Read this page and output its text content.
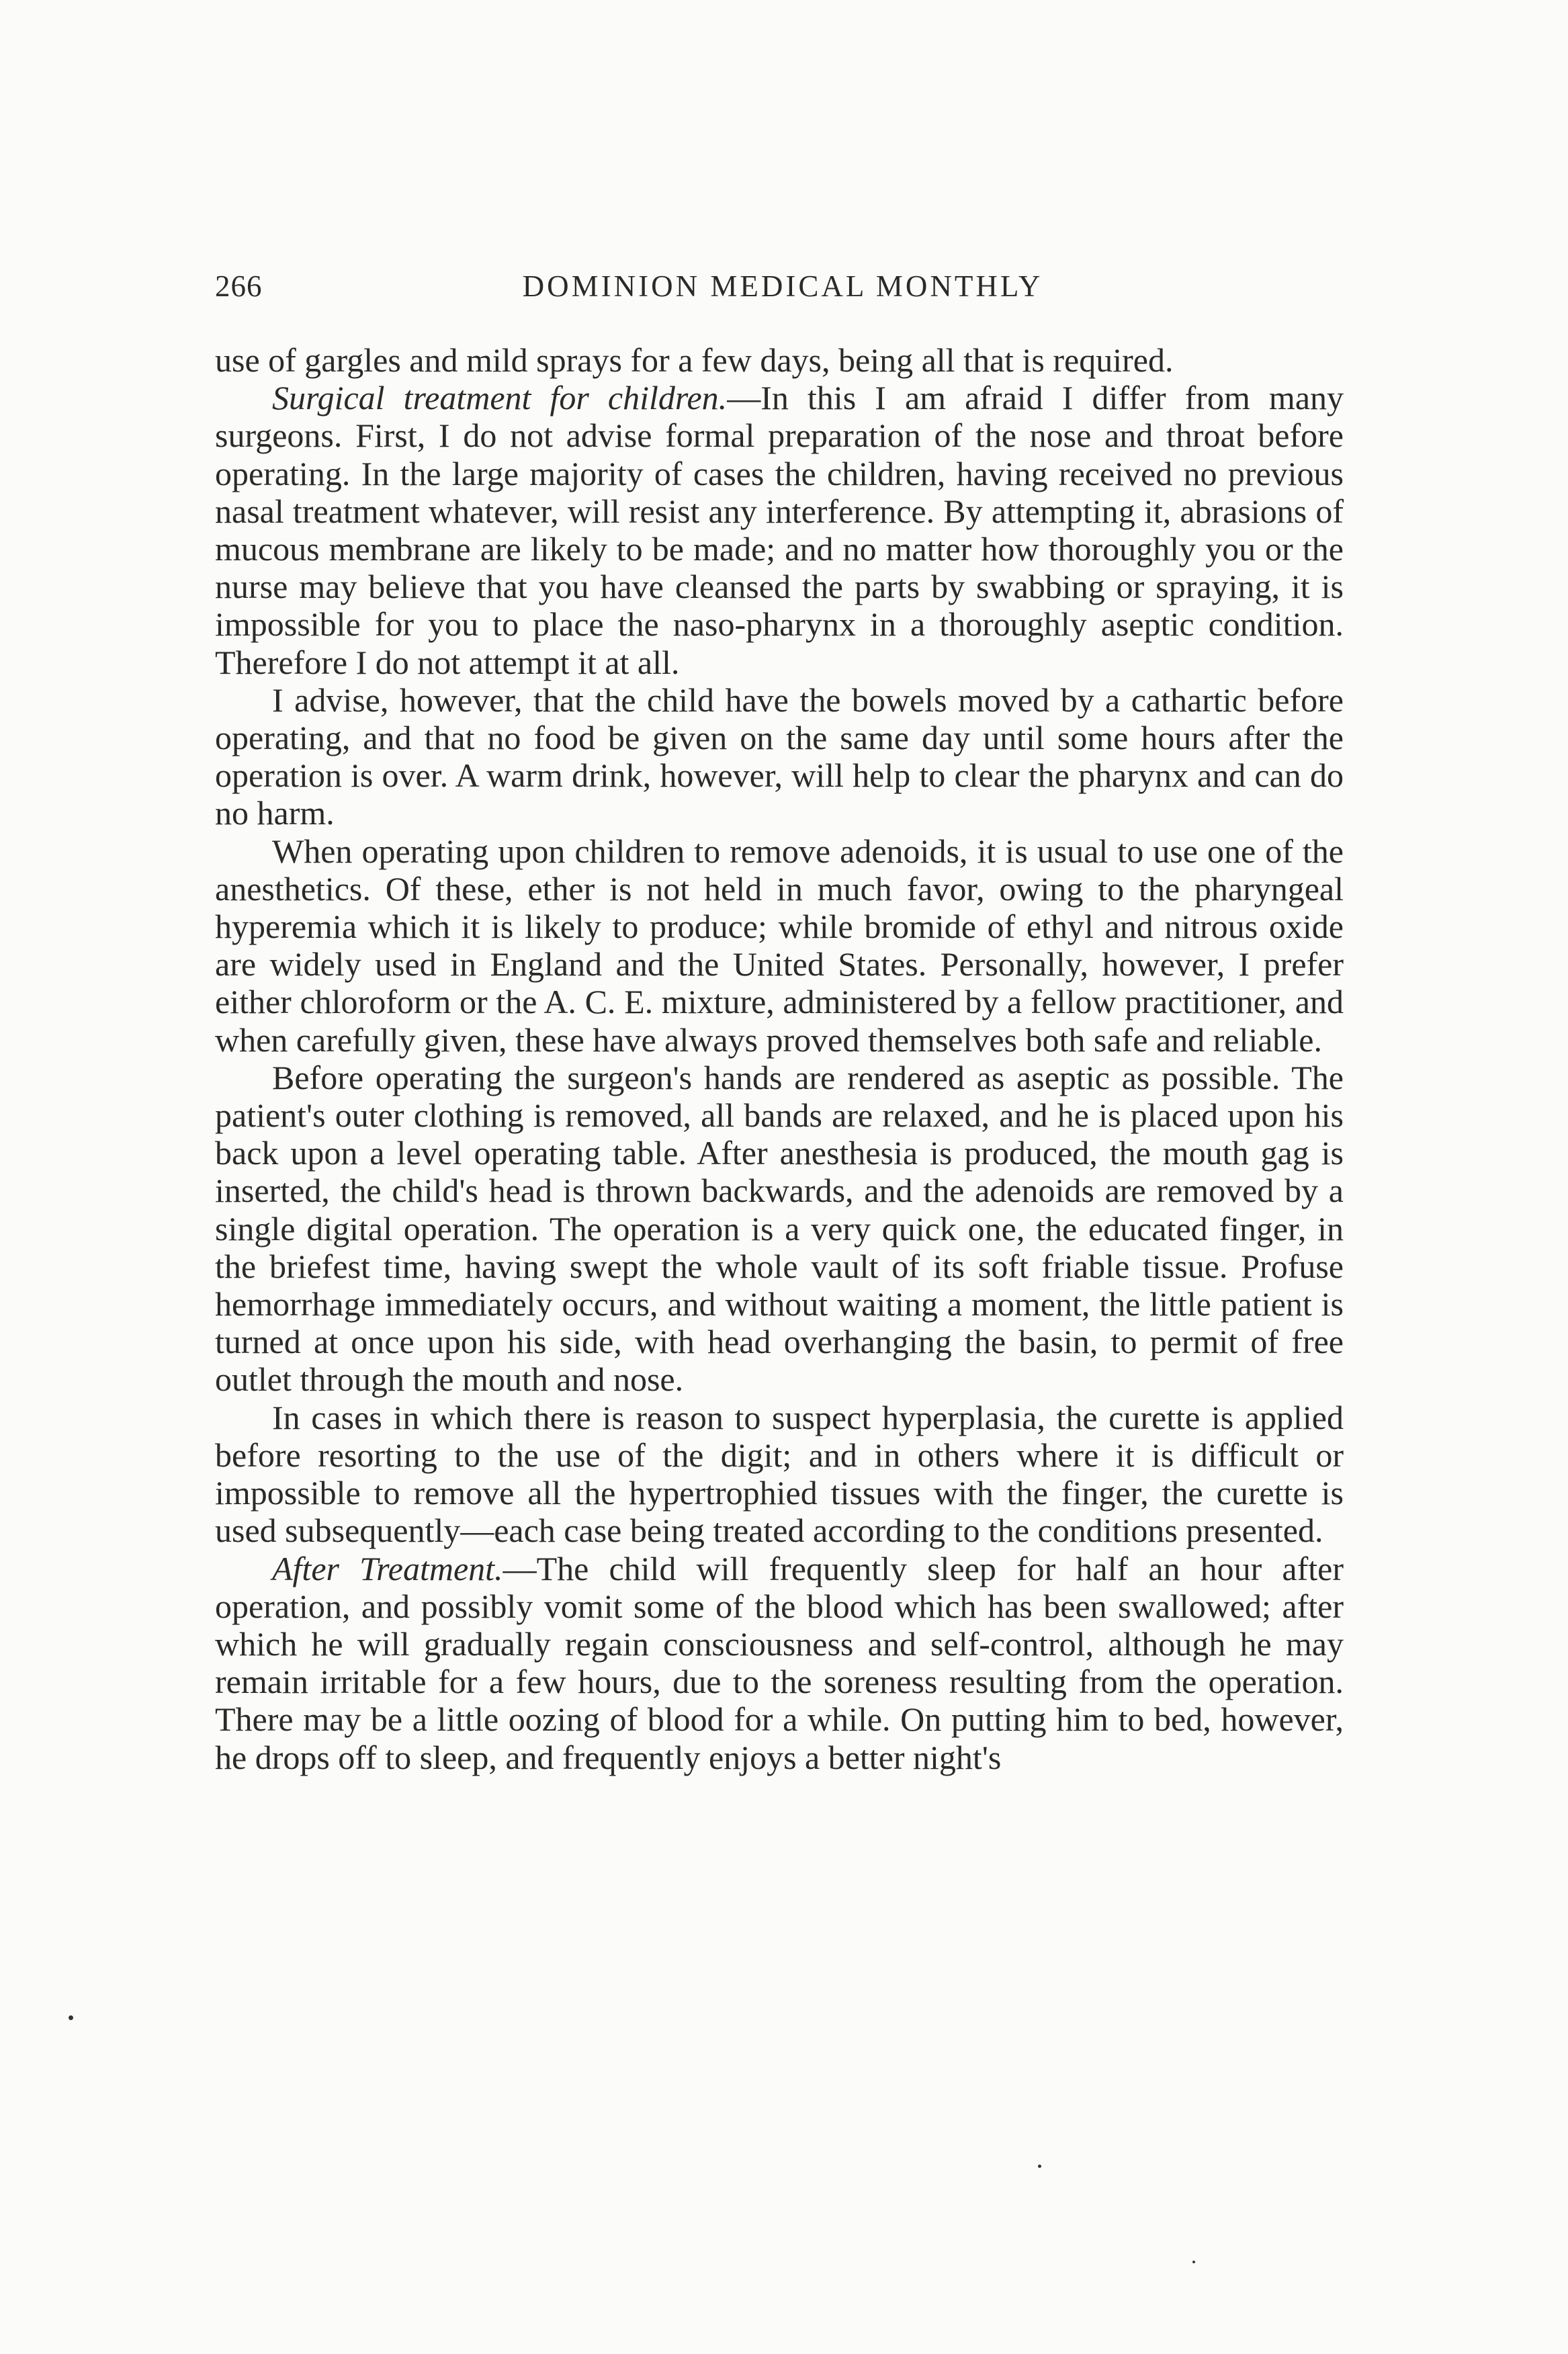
266	DOMINION MEDICAL MONTHLY

use of gargles and mild sprays for a few days, being all that is required.

Surgical treatment for children.—In this I am afraid I differ from many surgeons. First, I do not advise formal preparation of the nose and throat before operating. In the large majority of cases the children, having received no previous nasal treatment whatever, will resist any interference. By attempting it, abrasions of mucous membrane are likely to be made; and no matter how thoroughly you or the nurse may believe that you have cleansed the parts by swabbing or spraying, it is impossible for you to place the naso-pharynx in a thoroughly aseptic condition. Therefore I do not attempt it at all.

I advise, however, that the child have the bowels moved by a cathartic before operating, and that no food be given on the same day until some hours after the operation is over. A warm drink, however, will help to clear the pharynx and can do no harm.

When operating upon children to remove adenoids, it is usual to use one of the anesthetics. Of these, ether is not held in much favor, owing to the pharyngeal hyperemia which it is likely to produce; while bromide of ethyl and nitrous oxide are widely used in England and the United States. Personally, however, I prefer either chloroform or the A. C. E. mixture, administered by a fellow practitioner, and when carefully given, these have always proved themselves both safe and reliable.

Before operating the surgeon's hands are rendered as aseptic as possible. The patient's outer clothing is removed, all bands are relaxed, and he is placed upon his back upon a level operating table. After anesthesia is produced, the mouth gag is inserted, the child's head is thrown backwards, and the adenoids are removed by a single digital operation. The operation is a very quick one, the educated finger, in the briefest time, having swept the whole vault of its soft friable tissue. Profuse hemorrhage immediately occurs, and without waiting a moment, the little patient is turned at once upon his side, with head overhanging the basin, to permit of free outlet through the mouth and nose.

In cases in which there is reason to suspect hyperplasia, the curette is applied before resorting to the use of the digit; and in others where it is difficult or impossible to remove all the hypertrophied tissues with the finger, the curette is used subsequently—each case being treated according to the conditions presented.

After Treatment.—The child will frequently sleep for half an hour after operation, and possibly vomit some of the blood which has been swallowed; after which he will gradually regain consciousness and self-control, although he may remain irritable for a few hours, due to the soreness resulting from the operation. There may be a little oozing of blood for a while. On putting him to bed, however, he drops off to sleep, and frequently enjoys a better night's
